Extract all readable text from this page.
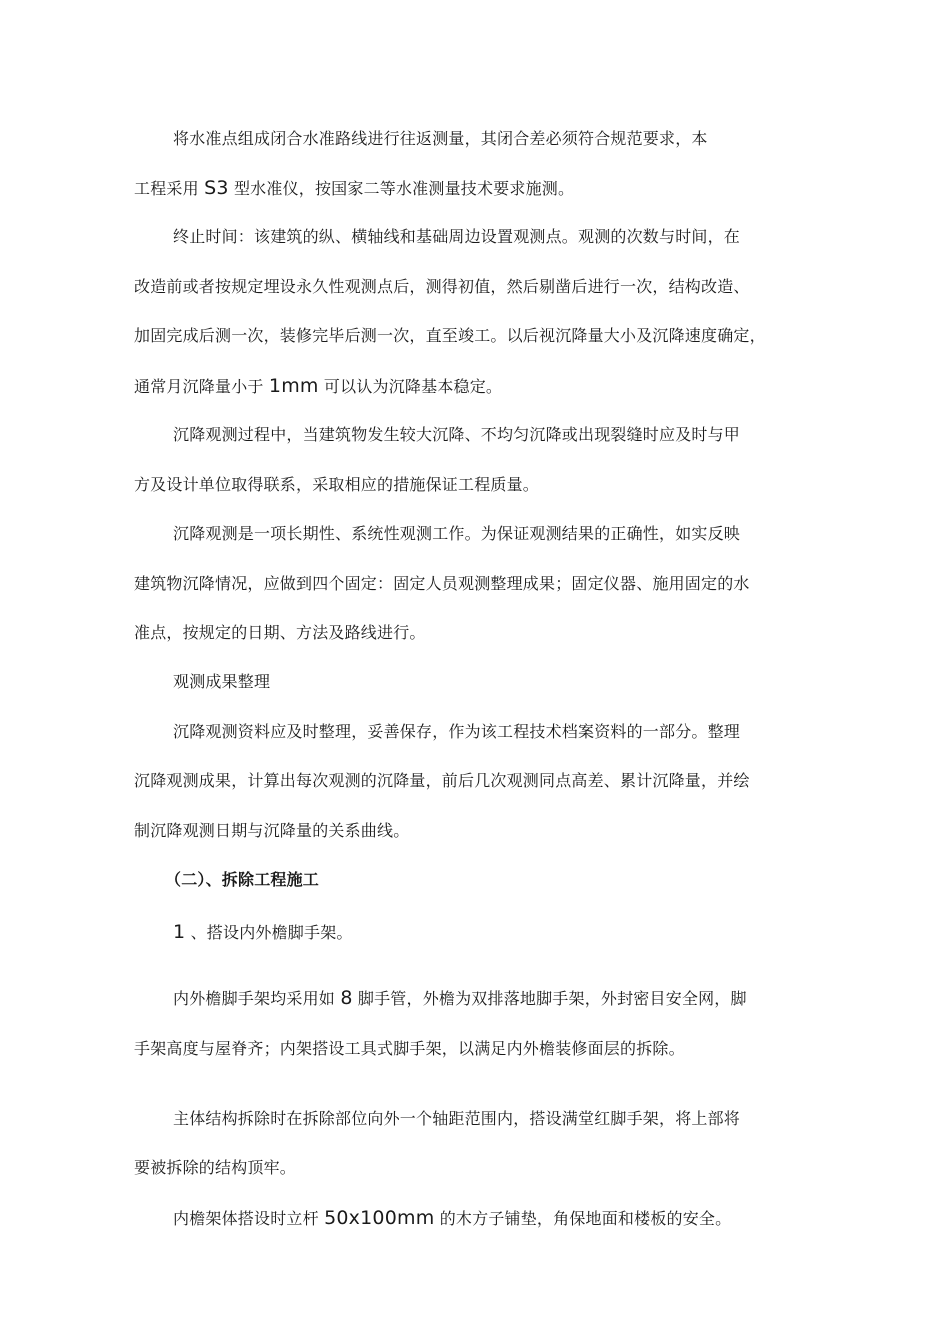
将水准点组成闭合水准路线进行往返测量，其闭合差必须符合规范要求，本
工程采用 S3 型水准仪，按国家二等水准测量技术要求施测。
终止时间：该建筑的纵、横轴线和基础周边设置观测点。观测的次数与时间，在
改造前或者按规定埋设永久性观测点后，测得初值，然后剔凿后进行一次，结构改造、
加固完成后测一次，装修完毕后测一次，直至竣工。以后视沉降量大小及沉降速度确定，
通常月沉降量小于 1mm 可以认为沉降基本稳定。
沉降观测过程中，当建筑物发生较大沉降、不均匀沉降或出现裂缝时应及时与甲
方及设计单位取得联系，采取相应的措施保证工程质量。
沉降观测是一项长期性、系统性观测工作。为保证观测结果的正确性，如实反映
建筑物沉降情况，应做到四个固定：固定人员观测整理成果；固定仪器、施用固定的水
准点，按规定的日期、方法及路线进行。
观测成果整理
沉降观测资料应及时整理，妥善保存，作为该工程技术档案资料的一部分。整理
沉降观测成果，计算出每次观测的沉降量，前后几次观测同点高差、累计沉降量，并绘
制沉降观测日期与沉降量的关系曲线。
（二）、拆除工程施工
1 、搭设内外檐脚手架。
内外檐脚手架均采用如 8 脚手管，外檐为双排落地脚手架，外封密目安全网，脚
手架高度与屋脊齐；内架搭设工具式脚手架，以满足内外檐装修面层的拆除。
主体结构拆除时在拆除部位向外一个轴距范围内，搭设满堂红脚手架，将上部将
要被拆除的结构顶牢。
内檐架体搭设时立杆 50x100mm 的木方子铺垫，角保地面和楼板的安全。
